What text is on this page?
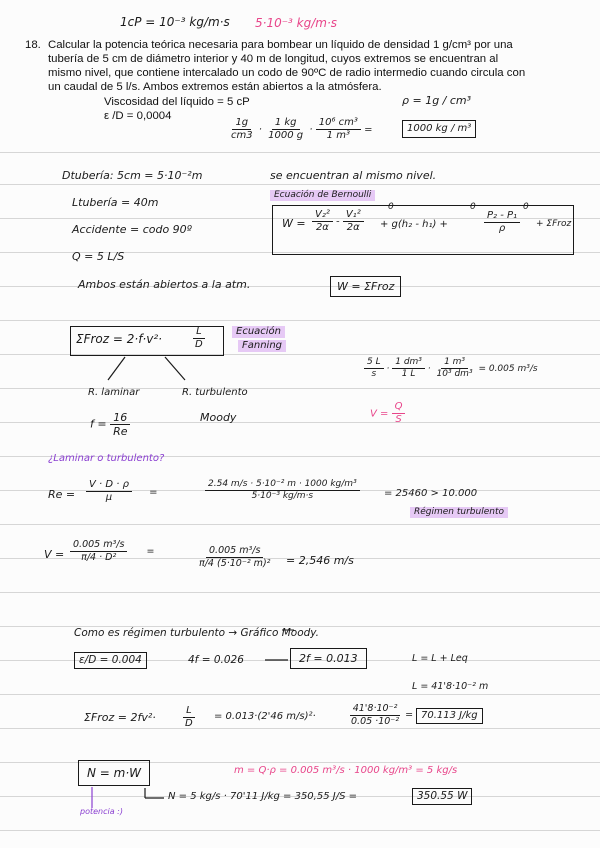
1cP = 10⁻³ kg/m·s 5·10⁻³ kg/m·s
18. Calcular la potencia teórica necesaria para bombear un líquido de densidad 1 g/cm³ por una
tubería de 5 cm de diámetro interior y 40 m de longitud, cuyos extremos se encuentran al
mismo nivel, que contiene intercalado un codo de 90ºC de radio intermedio cuando circula con
un caudal de 5 l/s. Ambos extremos están abiertos a la atmósfera.
Viscosidad del líquido = 5 cP
ε /D = 0,0004
ρ = 1g / cm³
$\frac{1g}{cm3} \cdot \frac{1 kg}{1000 g} \cdot \frac{\text{10⁶ cm³}}{\text{1 m³}}$ =	1000 kg / m³
Dtubería: 5cm = 5·10⁻²m	se encuentran al mismo nivel.
Ltubería = 40m
Accidente = codo 90º
Q = 5 L/S
Ambos están abiertos a la atm.
Ecuación de Bernoulli
$W = \frac{\text{V₂²}}{2\alpha} - \frac{\text{V₁²}}{2\alpha} + g(h_2 - h_1)$ +	$\frac{\text{P₂ - P₁}}{\rho}$ + ΣFroz
0	0	0
W = ΣFroz
ΣFroz = 2·f·v²·	$\frac{L}{D}$	Ecuación
Fanning
R. laminar	R. turbulento
$f = \frac{16}{Re}$	Moody
¿Laminar o turbulento?
$\frac{5 L}{s} \cdot \frac{\text{1 dm³}}{1 L} \cdot \frac{\text{1 m³}}{\text{10³ dm³}} = 0.005$ m³/s
$V = \frac{Q}{S}$
$Re = \frac{V \cdot D \cdot \rho}{\mu}$ =	$\frac{\text{2.54 m/s · 5·10⁻² m · 1000 kg/m³}}{\text{5·10⁻³ kg/m·s}} = 25460 > 10.000$
Régimen turbulento
$V = \frac{\text{0.005 m³/s}}{\text{π/4 · D²}}$ =	$\frac{\text{0.005 m³/s}}{\text{π/4 (5·10⁻² m)²}} = 2,546$ m/s
Como es régimen turbulento → Gráfico Moody.
ε/D = 0.004	4f = 0.026	2f = 0.013	L = L + Leq
L = 41'8·10⁻² m
ΣFroz = 2fv²·	$\frac{L}{D} = 0.013\cdot(2'46$ m/s)²·	$\frac{\text{41'8·10⁻²}}{\text{0.05 ·10⁻²}} = 70.113$ J/kg
N = m·W	m = Q·ρ = 0.005 m³/s · 1000 kg/m³ = 5 kg/s
N = 5 kg/s · 70'11 J/kg = 350,55 J/S =	350.55 W
potencia :)
